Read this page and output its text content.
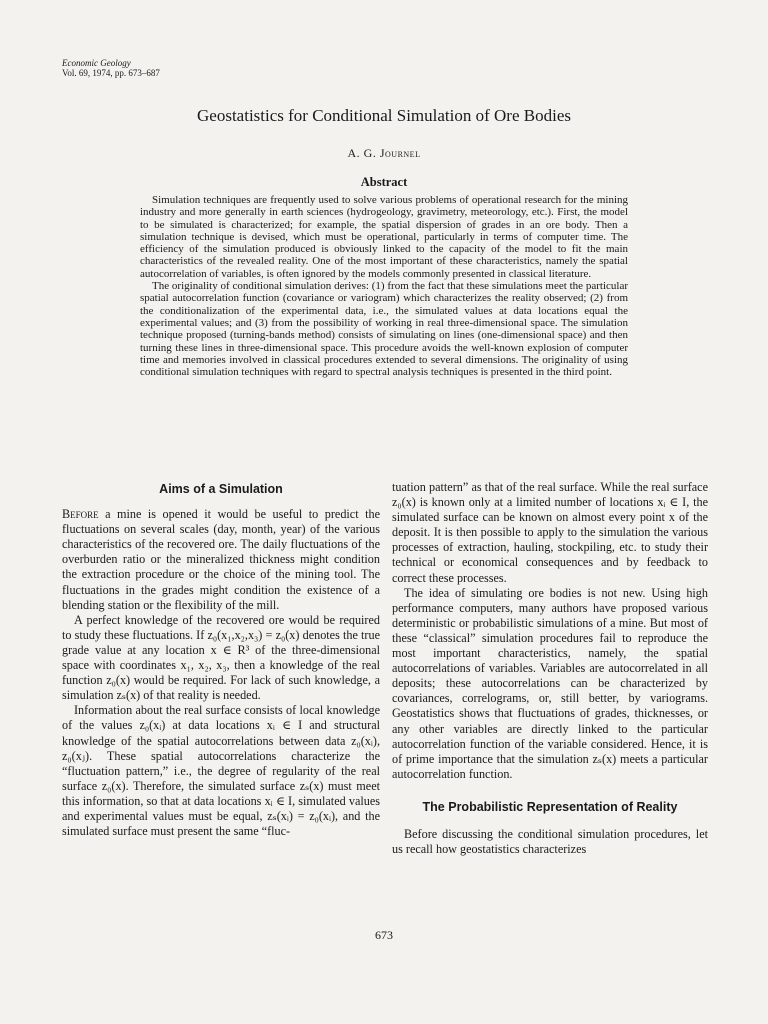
Economic Geology
Vol. 69, 1974, pp. 673–687
Geostatistics for Conditional Simulation of Ore Bodies
A. G. Journel
Abstract

Simulation techniques are frequently used to solve various problems of operational research for the mining industry and more generally in earth sciences (hydrogeology, gravimetry, meteorology, etc.). First, the model to be simulated is characterized; for example, the spatial dispersion of grades in an ore body. Then a simulation technique is devised, which must be operational, particularly in terms of computer time. The efficiency of the simulation produced is obviously linked to the capacity of the model to fit the main characteristics of the revealed reality. One of the most important of these characteristics, namely the spatial autocorrelation of variables, is often ignored by the models commonly presented in classical literature.

The originality of conditional simulation derives: (1) from the fact that these simulations meet the particular spatial autocorrelation function (covariance or variogram) which characterizes the reality observed; (2) from the conditionalization of the experimental data, i.e., the simulated values at data locations equal the experimental values; and (3) from the possibility of working in real three-dimensional space. The simulation technique proposed (turning-bands method) consists of simulating on lines (one-dimensional space) and then turning these lines in three-dimensional space. This procedure avoids the well-known explosion of computer time and memories involved in classical procedures extended to several dimensions. The originality of using conditional simulation techniques with regard to spectral analysis techniques is presented in the third point.

Aims of a Simulation

Before a mine is opened it would be useful to predict the fluctuations on several scales (day, month, year) of the various characteristics of the recovered ore. The daily fluctuations of the overburden ratio or the mineralized thickness might condition the extraction procedure or the choice of the mining tool. The fluctuations in the grades might condition the existence of a blending station or the flexibility of the mill.

A perfect knowledge of the recovered ore would be required to study these fluctuations. If z₀(x₁,x₂,x₃) = z₀(x) denotes the true grade value at any location x ∈ R³ of the three-dimensional space with coordinates x₁, x₂, x₃, then a knowledge of the real function z₀(x) would be required. For lack of such knowledge, a simulation zₛ(x) of that reality is needed.

Information about the real surface consists of local knowledge of the values z₀(xᵢ) at data locations xᵢ ∈ I and structural knowledge of the spatial autocorrelations between data z₀(xᵢ), z₀(xⱼ). These spatial autocorrelations characterize the “fluctuation pattern,” i.e., the degree of regularity of the real surface z₀(x). Therefore, the simulated surface zₛ(x) must meet this information, so that at data locations xᵢ ∈ I, simulated values and experimental values must be equal, zₛ(xᵢ) = z₀(xᵢ), and the simulated surface must present the same “fluc-

tuation pattern” as that of the real surface. While the real surface z₀(x) is known only at a limited number of locations xᵢ ∈ I, the simulated surface can be known on almost every point x of the deposit. It is then possible to apply to the simulation the various processes of extraction, hauling, stockpiling, etc. to study their technical or economical consequences and by feedback to correct these processes.

The idea of simulating ore bodies is not new. Using high performance computers, many authors have proposed various deterministic or probabilistic simulations of a mine. But most of these “classical” simulation procedures fail to reproduce the most important characteristics, namely, the spatial autocorrelations of variables. Variables are autocorrelated in all deposits; these autocorrelations can be characterized by covariances, correlograms, or, still better, by variograms. Geostatistics shows that fluctuations of grades, thicknesses, or any other variables are directly linked to the particular autocorrelation function of the variable considered. Hence, it is of prime importance that the simulation zₛ(x) meets a particular autocorrelation function.

The Probabilistic Representation of Reality

Before discussing the conditional simulation procedures, let us recall how geostatistics characterizes

673
